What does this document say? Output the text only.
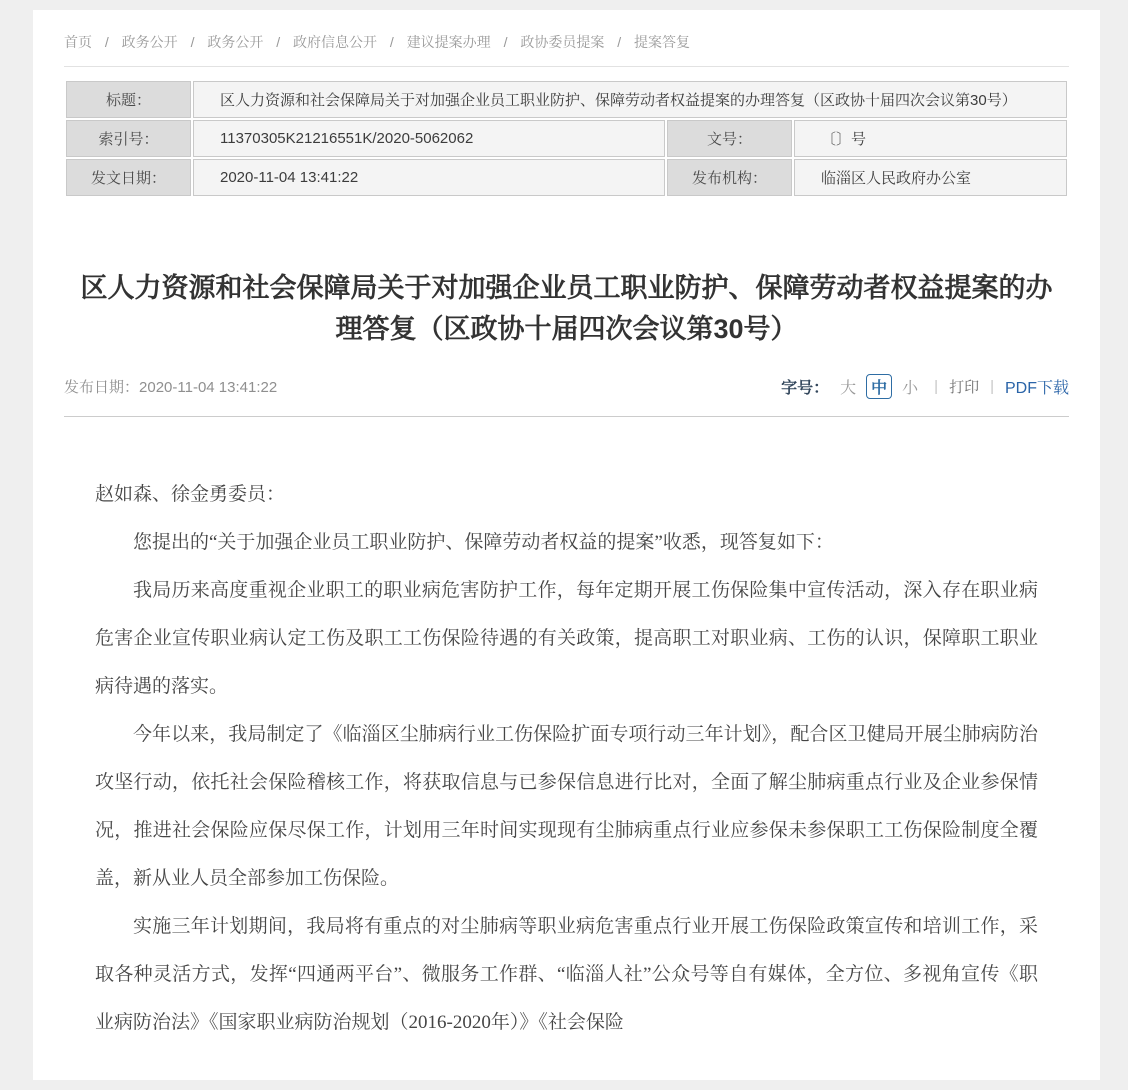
首页 / 政务公开 / 政务公开 / 政府信息公开 / 建议提案办理 / 政协委员提案 / 提案答复
标题：	区人力资源和社会保障局关于对加强企业员工职业防护、保障劳动者权益提案的办理答复（区政协十届四次会议第30号）		
索引号：	11370305K21216551K/2020-5062062	文号：	〔〕号
发文日期：	2020-11-04 13:41:22	发布机构：	临淄区人民政府办公室
区人力资源和社会保障局关于对加强企业员工职业防护、保障劳动者权益提案的办理答复（区政协十届四次会议第30号）
发布日期：2020-11-04 13:41:22	字号： 大 中 小 | 打印 | PDF下载

赵如森、徐金勇委员：

您提出的“关于加强企业员工职业防护、保障劳动者权益的提案”收悉，现答复如下：

我局历来高度重视企业职工的职业病危害防护工作，每年定期开展工伤保险集中宣传活动，深入存在职业病危害企业宣传职业病认定工伤及职工工伤保险待遇的有关政策，提高职工对职业病、工伤的认识，保障职工职业病待遇的落实。

今年以来，我局制定了《临淄区尘肺病行业工伤保险扩面专项行动三年计划》，配合区卫健局开展尘肺病防治攻坚行动，依托社会保险稽核工作，将获取信息与已参保信息进行比对，全面了解尘肺病重点行业及企业参保情况，推进社会保险应保尽保工作，计划用三年时间实现现有尘肺病重点行业应参保未参保职工工伤保险制度全覆盖，新从业人员全部参加工伤保险。

实施三年计划期间，我局将有重点的对尘肺病等职业病危害重点行业开展工伤保险政策宣传和培训工作，采取各种灵活方式，发挥“四通两平台”、微服务工作群、“临淄人社”公众号等自有媒体，全方位、多视角宣传《职业病防治法》《国家职业病防治规划（2016-2020年）》《社会保险
